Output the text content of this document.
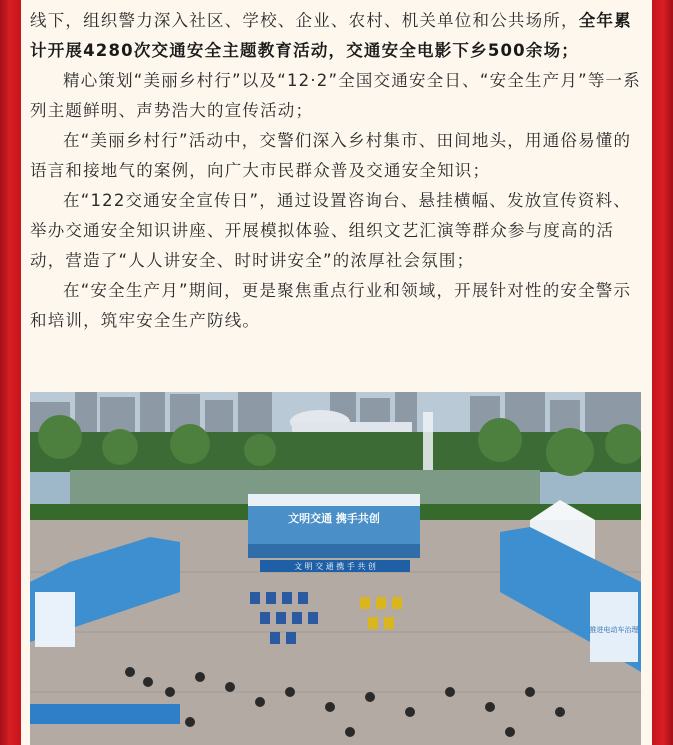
线下，组织警力深入社区、学校、企业、农村、机关单位和公共场所，全年累计开展4280次交通安全主题教育活动，交通安全电影下乡500余场；

精心策划“美丽乡村行”以及“12·2”全国交通安全日、“安全生产月”等一系列主题鲜明、声势浩大的宣传活动；

在“美丽乡村行”活动中，交警们深入乡村集市、田间地头，用通俗易懂的语言和接地气的案例，向广大市民群众普及交通安全知识；

在“122交通安全宣传日”，通过设置咨询台、悬挂横幅、发放宣传资料、举办交通安全知识讲座、开展模拟体验、组织文艺汇演等群众参与度高的活动，营造了“人人讲安全、时时讲安全”的浓厚社会氛围；

在“安全生产月”期间，更是聚焦重点行业和领域，开展针对性的安全警示和培训，筑牢安全生产防线。

文明交通 携手共创
文 明 交 通 携 手 共 创
推进电动车治理
